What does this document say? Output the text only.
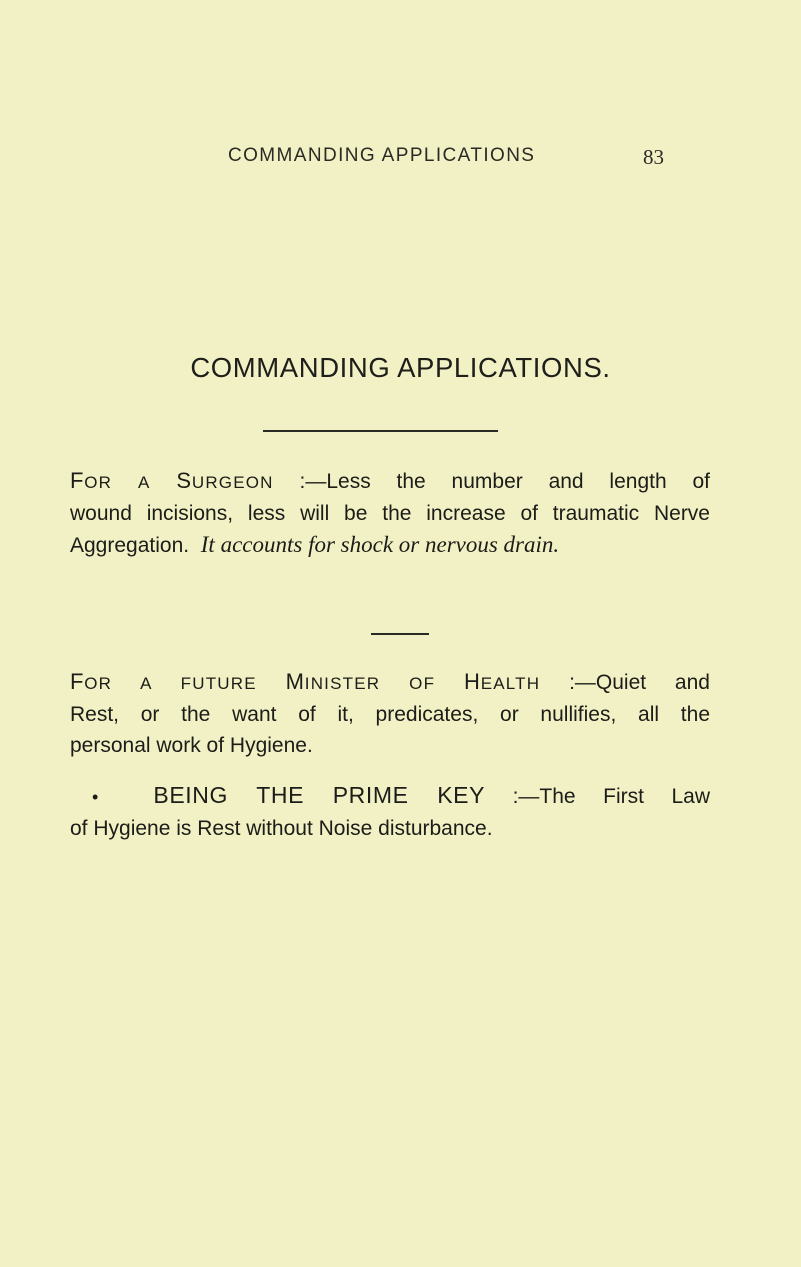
COMMANDING APPLICATIONS	83
COMMANDING APPLICATIONS.
FOR A SURGEON :—Less the number and length of
wound incisions, less will be the increase of traumatic Nerve
Aggregation. It accounts for shock or nervous drain.
FOR A FUTURE MINISTER OF HEALTH :—Quiet and
Rest, or the want of it, predicates, or nullifies, all the
personal work of Hygiene.
• BEING THE PRIME KEY :—The First Law
of Hygiene is Rest without Noise disturbance.
